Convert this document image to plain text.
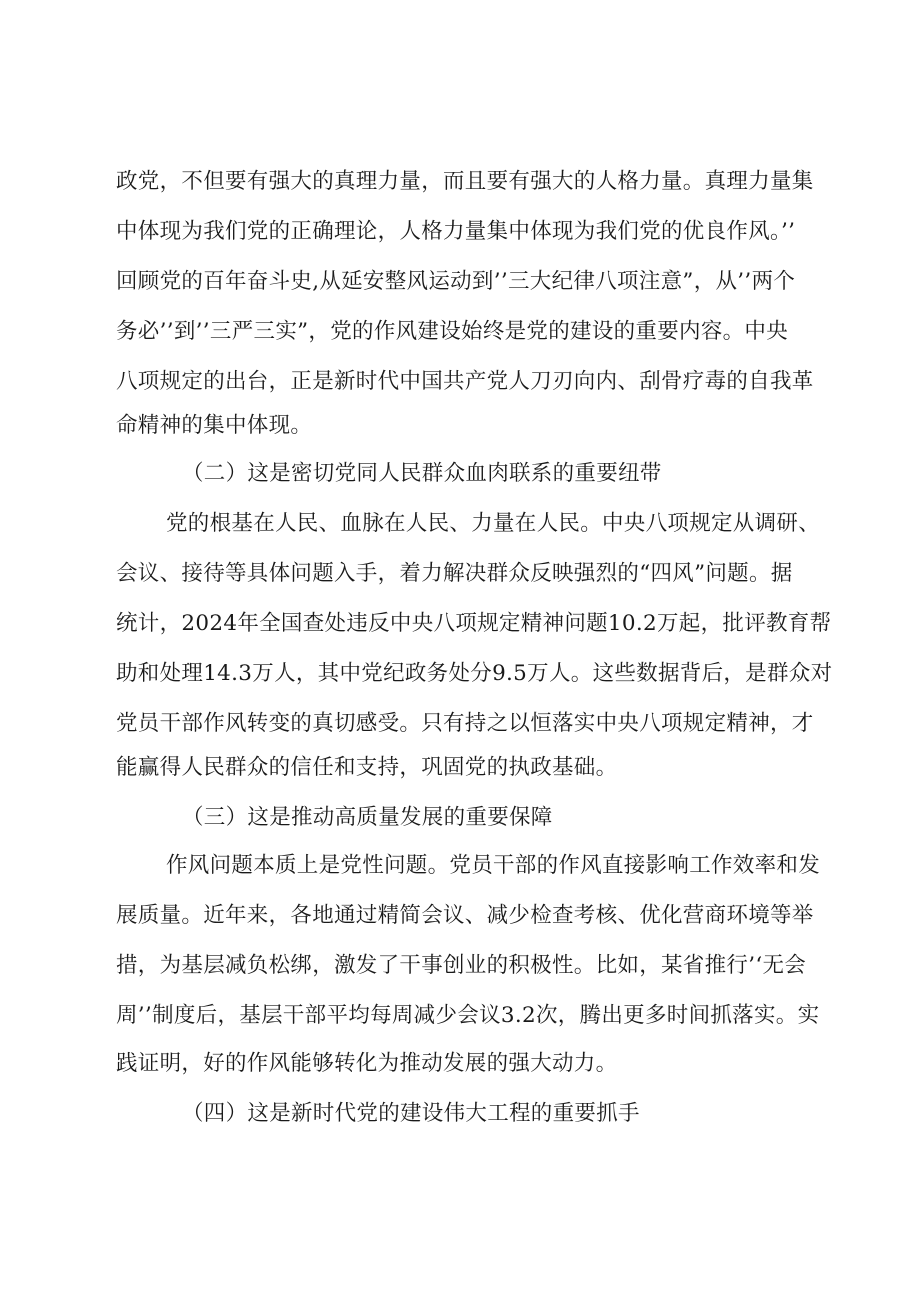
政党，不但要有强大的真理力量，而且要有强大的人格力量。真理力量集
中体现为我们党的正确理论，人格力量集中体现为我们党的优良作风。’’
回顾党的百年奋斗史,从延安整风运动到’’三大纪律八项注意”，从’’两个
务必’’到’’三严三实”，党的作风建设始终是党的建设的重要内容。中央
八项规定的出台，正是新时代中国共产党人刀刃向内、刮骨疗毒的自我革
命精神的集中体现。
（二）这是密切党同人民群众血肉联系的重要纽带
党的根基在人民、血脉在人民、力量在人民。中央八项规定从调研、
会议、接待等具体问题入手，着力解决群众反映强烈的“四风”问题。据
统计，2024年全国查处违反中央八项规定精神问题10.2万起，批评教育帮
助和处理14.3万人，其中党纪政务处分9.5万人。这些数据背后，是群众对
党员干部作风转变的真切感受。只有持之以恒落实中央八项规定精神，才
能赢得人民群众的信任和支持，巩固党的执政基础。
（三）这是推动高质量发展的重要保障
作风问题本质上是党性问题。党员干部的作风直接影响工作效率和发
展质量。近年来，各地通过精简会议、减少检查考核、优化营商环境等举
措，为基层减负松绑，激发了干事创业的积极性。比如，某省推行’‘无会
周’’制度后，基层干部平均每周减少会议3.2次，腾出更多时间抓落实。实
践证明，好的作风能够转化为推动发展的强大动力。
（四）这是新时代党的建设伟大工程的重要抓手
